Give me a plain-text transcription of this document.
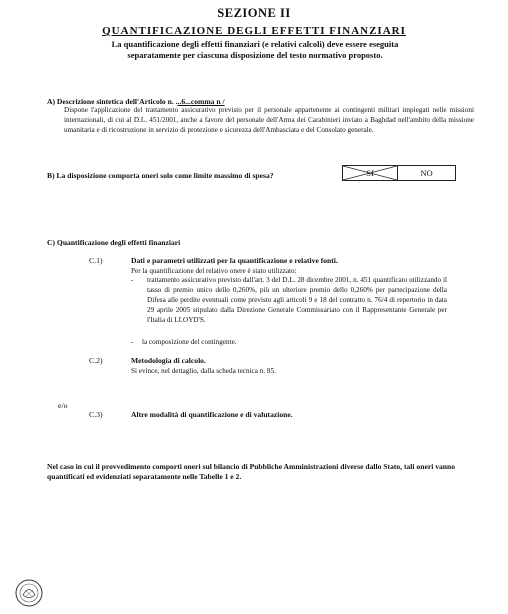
SEZIONE II
QUANTIFICAZIONE DEGLI EFFETTI FINANZIARI
La quantificazione degli effetti finanziari (e relativi calcoli) deve essere eseguita
separatamente per ciascuna disposizione del testo normativo proposto.
A) Descrizione sintetica dell'Articolo n. ...6...comma n /
Dispone l'applicazione del trattamento assicurativo previsto per il personale appartenente ai contingenti militari impiegati nelle missioni internazionali, di cui al D.L. 451/2001, anche a favore del personale dell'Arma dei Carabinieri inviato a Baghdad nell'ambito della missione umanitaria e di ricostruzione in servizio di protezione e sicurezza dell'Ambasciata e del Consolato generale.
B) La disposizione comporta oneri solo come limite massimo di spesa?	SI	NO
C) Quantificazione degli effetti finanziari
C.1)	Dati e parametri utilizzati per la quantificazione e relative fonti.
Per la quantificazione del relativo onere è stato utilizzato:
- trattamento assicurativo previsto dall'art. 3 del D.L. 28 dicembre 2001, n. 451 quantificato utilizzando il tasso di premio unico dello 0,260%, più un ulteriore premio dello 0,260% per partecipazione della Difesa alle perdite eventuali come previsto agli articoli 9 e 18 del contratto n. 76/4 di repertorio in data 29 aprile 2005 stipulato dalla Direzione Generale Commissariato con il Rappresentante Generale per l'Italia di LLOYD'S.
- la composizione del contingente.
C.2)	Metodologia di calcolo.
Si evince, nel dettaglio, dalla scheda tecnica n. 85.
e/o
C.3)	Altre modalità di quantificazione e di valutazione.
Nel caso in cui il provvedimento comporti oneri sul bilancio di Pubbliche Amministrazioni diverse dallo Stato, tali oneri vanno quantificati ed evidenziati separatamente nelle Tabelle 1 e 2.
